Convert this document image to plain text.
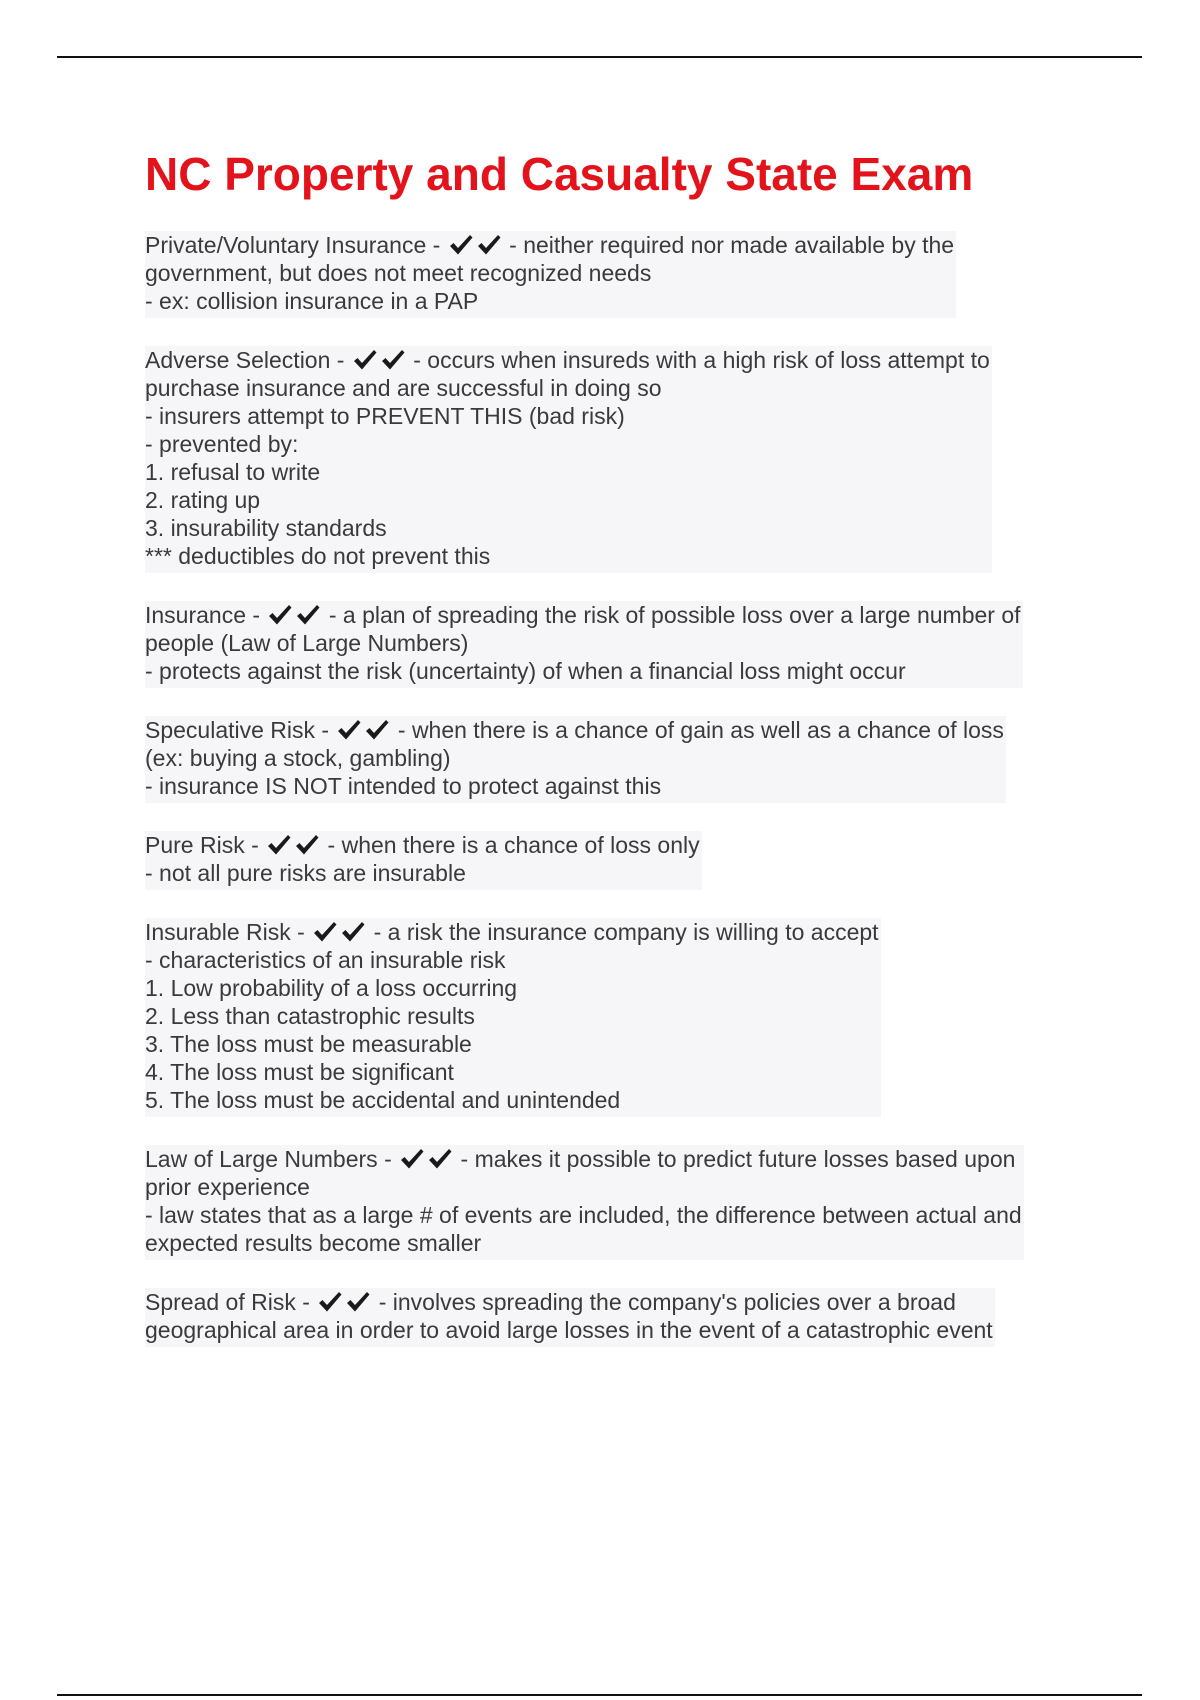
NC Property and Casualty State Exam
Private/Voluntary Insurance -  - neither required nor made available by the
government, but does not meet recognized needs
- ex: collision insurance in a PAP

Adverse Selection -  - occurs when insureds with a high risk of loss attempt to
purchase insurance and are successful in doing so
- insurers attempt to PREVENT THIS (bad risk)
- prevented by:
1. refusal to write
2. rating up
3. insurability standards
*** deductibles do not prevent this

Insurance -  - a plan of spreading the risk of possible loss over a large number of
people (Law of Large Numbers)
- protects against the risk (uncertainty) of when a financial loss might occur

Speculative Risk -  - when there is a chance of gain as well as a chance of loss
(ex: buying a stock, gambling)
- insurance IS NOT intended to protect against this

Pure Risk -  - when there is a chance of loss only
- not all pure risks are insurable

Insurable Risk -  - a risk the insurance company is willing to accept
- characteristics of an insurable risk
1. Low probability of a loss occurring
2. Less than catastrophic results
3. The loss must be measurable
4. The loss must be significant
5. The loss must be accidental and unintended

Law of Large Numbers -  - makes it possible to predict future losses based upon
prior experience
- law states that as a large # of events are included, the difference between actual and
expected results become smaller

Spread of Risk -  - involves spreading the company's policies over a broad
geographical area in order to avoid large losses in the event of a catastrophic event
